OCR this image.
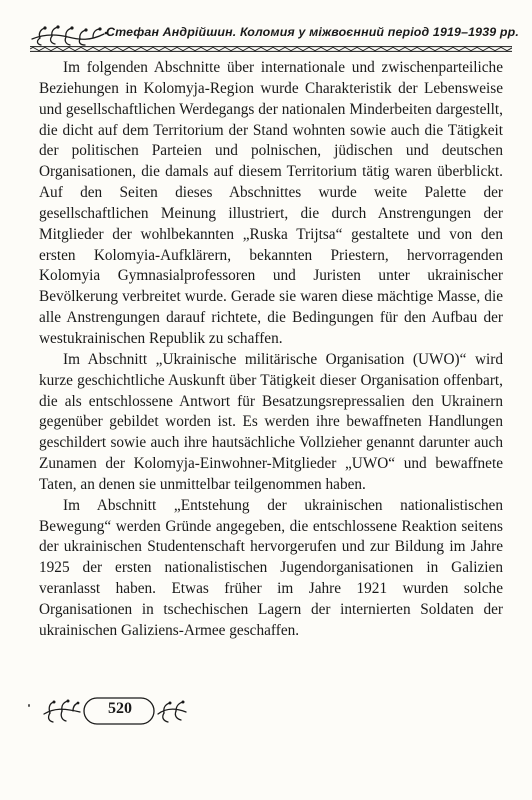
Стефан Андрійшин. Коломия у міжвоєнний період 1919–1939 рр.

Im folgenden Abschnitte über internationale und zwischenparteiliche Beziehungen in Kolomyja-Region wurde Charakteristik der Lebensweise und gesellschaftlichen Werdegangs der nationalen Minderbeiten dargestellt, die dicht auf dem Territorium der Stand wohnten sowie auch die Tätigkeit der politischen Parteien und polnischen, jüdischen und deutschen Organisationen, die damals auf diesem Territorium tätig waren überblickt. Auf den Seiten dieses Abschnittes wurde weite Palette der gesellschaftlichen Meinung illustriert, die durch Anstrengungen der Mitglieder der wohlbekannten „Ruska Trijtsa“ gestaltete und von den ersten Kolomyia-Aufklärern, bekannten Priestern, hervorragenden Kolomyia Gymnasialprofessoren und Juristen unter ukrainischer Bevölkerung verbreitet wurde. Gerade sie waren diese mächtige Masse, die alle Anstrengungen darauf richtete, die Bedingungen für den Aufbau der westukrainischen Republik zu schaffen.

Im Abschnitt „Ukrainische militärische Organisation (UWO)“ wird kurze geschichtliche Auskunft über Tätigkeit dieser Organisation offenbart, die als entschlossene Antwort für Besatzungsrepressalien den Ukrainern gegenüber gebildet worden ist. Es werden ihre bewaffneten Handlungen geschildert sowie auch ihre hautsächliche Vollzieher genannt darunter auch Zunamen der Kolomyja-Einwohner-Mitglieder „UWO“ und bewaffnete Taten, an denen sie unmittelbar teilgenommen haben.

Im Abschnitt „Entstehung der ukrainischen nationalistischen Bewegung“ werden Gründe angegeben, die entschlossene Reaktion seitens der ukrainischen Studentenschaft hervorgerufen und zur Bildung im Jahre 1925 der ersten nationalistischen Jugendorganisationen in Galizien veranlasst haben. Etwas früher im Jahre 1921 wurden solche Organisationen in tschechischen Lagern der internierten Soldaten der ukrainischen Galiziens-Armee geschaffen.

520
